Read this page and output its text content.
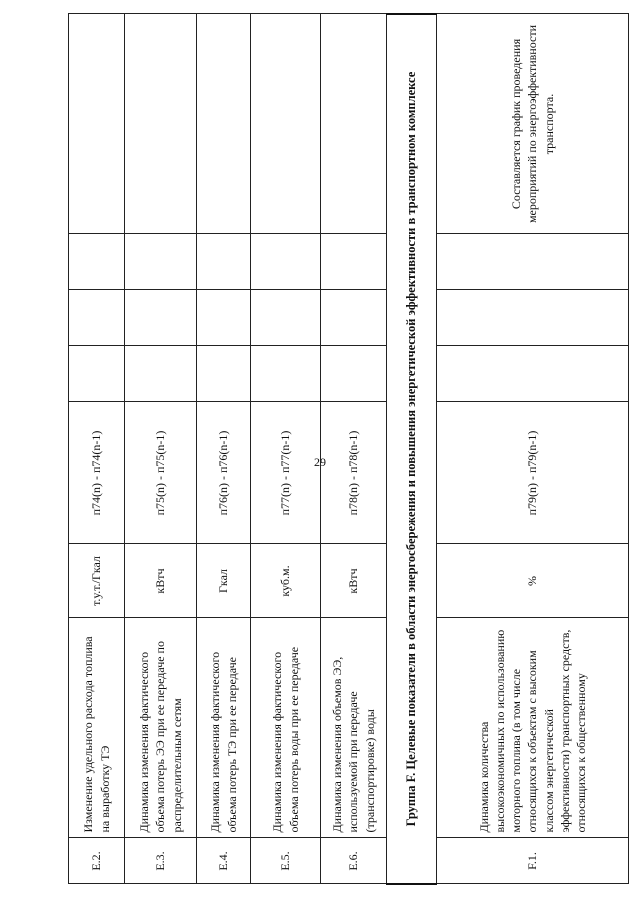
29
E.2.	Изменение удельного расхода топлива на выработку ТЭ	т.у.т./Гкал	п74(n) - п74(n-1)				
E.3.	Динамика изменения фактического объема потерь ЭЭ при ее передаче по распределительным сетям	кВтч	п75(n) - п75(n-1)				
E.4.	Динамика изменения фактического объема потерь ТЭ при ее передаче	Гкал	п76(n) - п76(n-1)				
E.5.	Динамика изменения фактического объема потерь воды при ее передаче	куб.м.	п77(n) - п77(n-1)				
E.6.	Динамика изменения объемов ЭЭ, используемой при передаче (транспортировке) воды	кВтч	п78(n) - п78(n-1)				
Группа F. Целевые показатели в области энергосбережения и повышения энергетической эффективности в транспортном комплексе							
F.1.	Динамика количества высокоэкономичных по использованию моторного топлива (в том числе относящихся к объектам с высоким классом энергетической эффективности) транспортных средств, относящихся к общественному	%	п79(n) - п79(n-1)				Составляется график проведения мероприятий по энергоэффективности транспорта.
